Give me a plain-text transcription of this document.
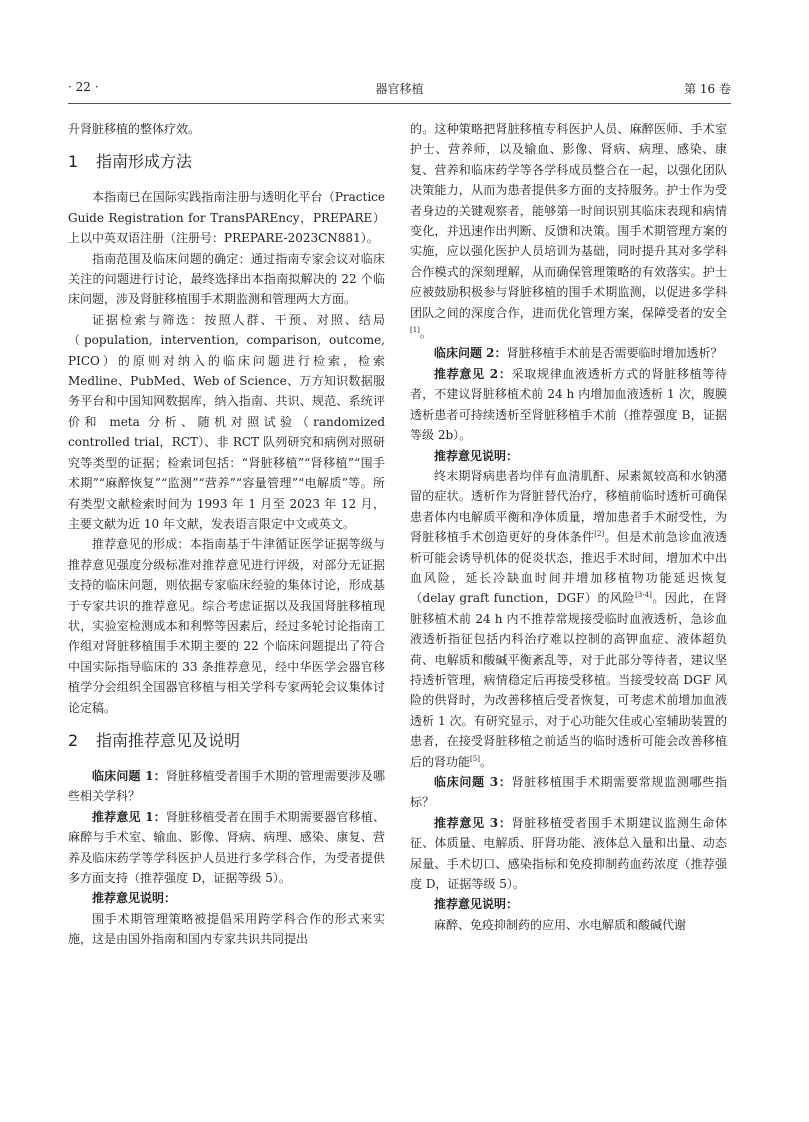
· 22 ·	器官移植	第 16 卷

升肾脏移植的整体疗效。

1 指南形成方法

本指南已在国际实践指南注册与透明化平台（Practice Guide Registration for TransPAREncy，PREPARE）上以中英双语注册（注册号：PREPARE-2023CN881）。

指南范围及临床问题的确定：通过指南专家会议对临床关注的问题进行讨论，最终选择出本指南拟解决的 22 个临床问题，涉及肾脏移植围手术期监测和管理两大方面。

证据检索与筛选：按照人群、干预、对照、结局（population, intervention, comparison, outcome, PICO）的原则对纳入的临床问题进行检索，检索 Medline、PubMed、Web of Science、万方知识数据服务平台和中国知网数据库，纳入指南、共识、规范、系统评价和 meta 分析、随机对照试验（randomized controlled trial，RCT）、非 RCT 队列研究和病例对照研究等类型的证据；检索词包括：“肾脏移植”“肾移植”“围手术期”“麻醉恢复”“监测”“营养”“容量管理”“电解质”等。所有类型文献检索时间为 1993 年 1 月至 2023 年 12 月，主要文献为近 10 年文献，发表语言限定中文或英文。

推荐意见的形成：本指南基于牛津循证医学证据等级与推荐意见强度分级标准对推荐意见进行评级，对部分无证据支持的临床问题，则依据专家临床经验的集体讨论，形成基于专家共识的推荐意见。综合考虑证据以及我国肾脏移植现状，实验室检测成本和利弊等因素后，经过多轮讨论指南工作组对肾脏移植围手术期主要的 22 个临床问题提出了符合中国实际指导临床的 33 条推荐意见，经中华医学会器官移植学分会组织全国器官移植与相关学科专家两轮会议集体讨论定稿。

2 指南推荐意见及说明

临床问题 1：肾脏移植受者围手术期的管理需要涉及哪些相关学科？

推荐意见 1：肾脏移植受者在围手术期需要器官移植、麻醉与手术室、输血、影像、肾病、病理、感染、康复、营养及临床药学等学科医护人员进行多学科合作，为受者提供多方面支持（推荐强度 D，证据等级 5）。

推荐意见说明：

围手术期管理策略被提倡采用跨学科合作的形式来实施，这是由国外指南和国内专家共识共同提出

的。这种策略把肾脏移植专科医护人员、麻醉医师、手术室护士、营养师，以及输血、影像、肾病、病理、感染、康复、营养和临床药学等各学科成员整合在一起，以强化团队决策能力，从而为患者提供多方面的支持服务。护士作为受者身边的关键观察者，能够第一时间识别其临床表现和病情变化，并迅速作出判断、反馈和决策。围手术期管理方案的实施，应以强化医护人员培训为基础，同时提升其对多学科合作模式的深刻理解，从而确保管理策略的有效落实。护士应被鼓励积极参与肾脏移植的围手术期监测，以促进多学科团队之间的深度合作，进而优化管理方案，保障受者的安全[1]。

临床问题 2：肾脏移植手术前是否需要临时增加透析？

推荐意见 2：采取规律血液透析方式的肾脏移植等待者，不建议肾脏移植术前 24 h 内增加血液透析 1 次，腹膜透析患者可持续透析至肾脏移植手术前（推荐强度 B，证据等级 2b）。

推荐意见说明：

终末期肾病患者均伴有血清肌酐、尿素氮较高和水钠潴留的症状。透析作为肾脏替代治疗，移植前临时透析可确保患者体内电解质平衡和净体质量，增加患者手术耐受性，为肾脏移植手术创造更好的身体条件[2]。但是术前急诊血液透析可能会诱导机体的促炎状态，推迟手术时间，增加术中出血风险，延长冷缺血时间并增加移植物功能延迟恢复（delay graft function，DGF）的风险[3-4]。因此，在肾脏移植术前 24 h 内不推荐常规接受临时血液透析，急诊血液透析指征包括内科治疗难以控制的高钾血症、液体超负荷、电解质和酸碱平衡紊乱等，对于此部分等待者，建议坚持透析管理，病情稳定后再接受移植。当接受较高 DGF 风险的供肾时，为改善移植后受者恢复，可考虑术前增加血液透析 1 次。有研究显示，对于心功能欠佳或心室辅助装置的患者，在接受肾脏移植之前适当的临时透析可能会改善移植后的肾功能[5]。

临床问题 3：肾脏移植围手术期需要常规监测哪些指标？

推荐意见 3：肾脏移植受者围手术期建议监测生命体征、体质量、电解质、肝肾功能、液体总入量和出量、动态尿量、手术切口、感染指标和免疫抑制药血药浓度（推荐强度 D，证据等级 5）。

推荐意见说明：

麻醉、免疫抑制药的应用、水电解质和酸碱代谢
